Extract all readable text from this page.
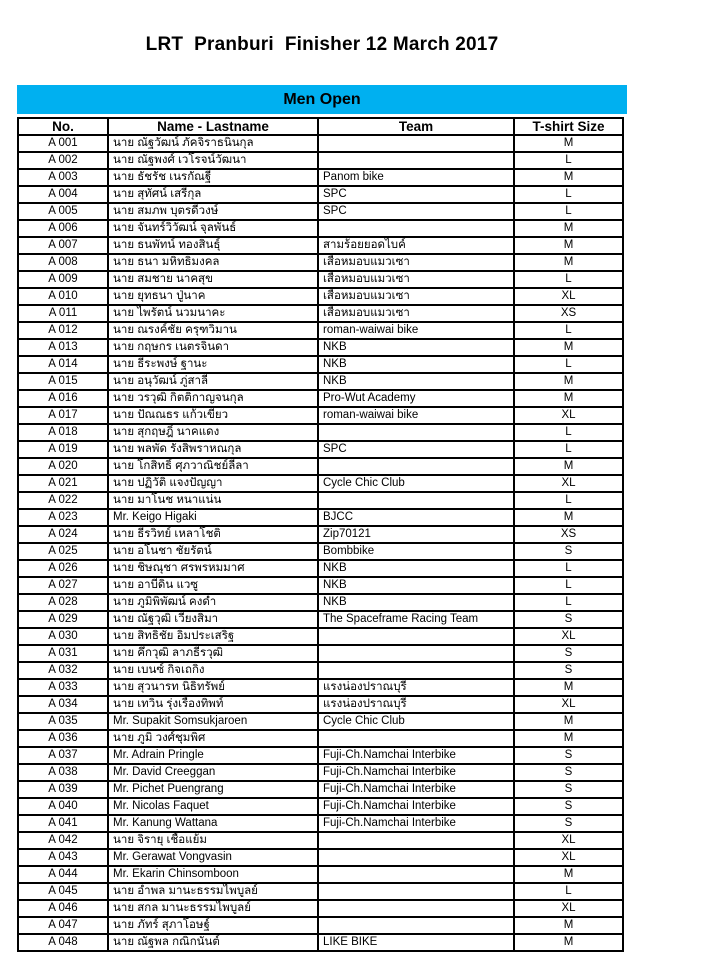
LRT  Pranburi  Finisher 12 March 2017
Men Open
No.	Name - Lastname	Team	T-shirt Size
A 001	นาย ณัฐวัฒน์ ภัคจิราธนินกุล		M
A 002	นาย ณัฐพงศ์ เวโรจน์วัฒนา		L
A 003	นาย ธัชรัช เนรกัณฐี	Panom bike	M
A 004	นาย สุทัศน์ เสรีกุล	SPC	L
A 005	นาย สมภพ บุตรดีวงษ์	SPC	L
A 006	นาย จันทร์วิวัฒน์ จุลพันธ์		M
A 007	นาย ธนพัทน์ ทองสินธุ์	สามร้อยยอดไบค์	M
A 008	นาย ธนา มหิทธิมงคล	เสือหมอบแมวเซา	M
A 009	นาย สมชาย นาคสุข	เสือหมอบแมวเซา	L
A 010	นาย ยุทธนา ปู่นาค	เสือหมอบแมวเซา	XL
A 011	นาย ไพรัตน์ นวมนาคะ	เสือหมอบแมวเซา	XS
A 012	นาย ณรงค์ชัย ครุฑวิมาน	roman-waiwai bike	L
A 013	นาย กฤษกร เนตรจินดา	NKB	M
A 014	นาย ธีระพงษ์ ฐานะ	NKB	L
A 015	นาย อนุวัฒน์ ภู่สาลี	NKB	M
A 016	นาย วรวุฒิ กิตติกาญจนกุล	Pro-Wut Academy	M
A 017	นาย ปัณณธร แก้วเขียว	roman-waiwai bike	XL
A 018	นาย สุกฤษฎิ์ นาคแดง		L
A 019	นาย พลพัด รังสิพราหณกุล	SPC	L
A 020	นาย โกสิทธิ์ ศุภวาณิชย์ลีลา		M
A 021	นาย ปฏิวัติ แจงปัญญา	Cycle Chic Club	XL
A 022	นาย มาโนช หนาแน่น		L
A 023	Mr. Keigo Higaki	BJCC	M
A 024	นาย ธีรวิทย์ เหลาโชติ	Zip70121	XS
A 025	นาย อโนชา ชัยรัตน์	Bombbike	S
A 026	นาย ชิษณุชา ศรพรหมมาศ	NKB	L
A 027	นาย อาบีดิน แวซู	NKB	L
A 028	นาย ภูมิพิพัฒน์ คงดำ	NKB	L
A 029	นาย ณัฐวุฒิ เวียงสิมา	The Spaceframe Racing Team	S
A 030	นาย สิทธิชัย อิ่มประเสริฐ		XL
A 031	นาย คึกวุฒิ ลาภธีรวุฒิ		S
A 032	นาย เบนซ์ กิจเถกิง		S
A 033	นาย สุวนารท นิธิทรัพย์	แรงน่องปราณบุรี	M
A 034	นาย เทวิน รุ่งเรืองทิพท์	แรงน่องปราณบุรี	XL
A 035	Mr. Supakit Somsukjaroen	Cycle Chic Club	M
A 036	นาย ภูมิ วงศ์ชุมพิศ		M
A 037	Mr. Adrain Pringle	Fuji-Ch.Namchai Interbike	S
A 038	Mr. David Creeggan	Fuji-Ch.Namchai Interbike	S
A 039	Mr. Pichet Puengrang	Fuji-Ch.Namchai Interbike	S
A 040	Mr. Nicolas Faquet	Fuji-Ch.Namchai Interbike	S
A 041	Mr. Kanung Wattana	Fuji-Ch.Namchai Interbike	S
A 042	นาย จิรายุ เชื้อแย้ม		XL
A 043	Mr. Gerawat Vongvasin		XL
A 044	Mr. Ekarin Chinsomboon		M
A 045	นาย อำพล มานะธรรมไพบูลย์		L
A 046	นาย สกล มานะธรรมไพบูลย์		XL
A 047	นาย ภัทร์ สุภาโอษฐ์		M
A 048	นาย ณัฐพล กณิกนันต์	LIKE BIKE	M
